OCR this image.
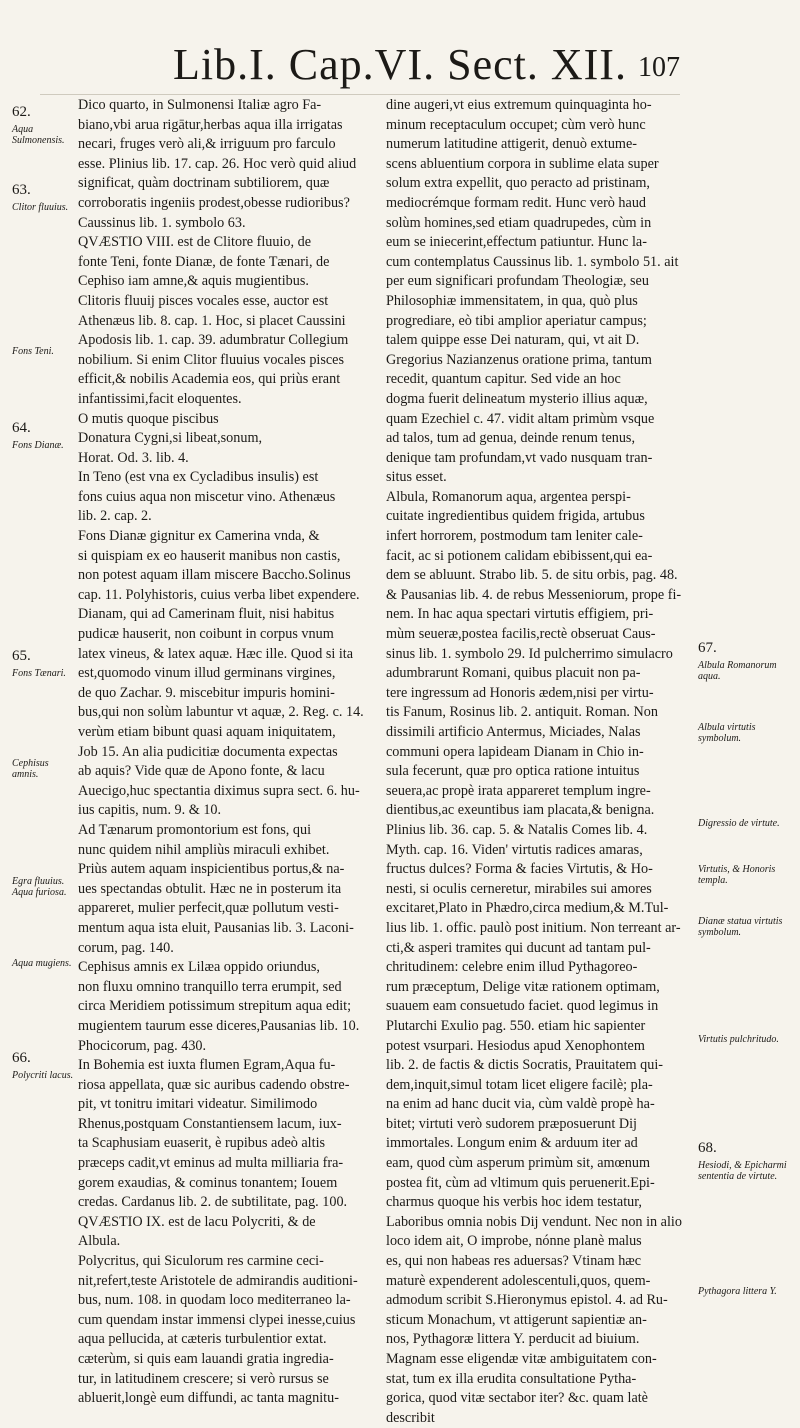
Lib.I. Cap.VI. Sect. XII. 107
Dico quarto, in Sulmonensi Italiæ agro Fa-
biano,vbi arua rigātur,herbas aqua illa irrigatas
necari, fruges verò ali,& irriguum pro farculo
esse. Plinius lib. 17. cap. 26. Hoc verò quid aliud
significat, quàm doctrinam subtiliorem, quæ
corroboratis ingeniis prodest,obesse rudioribus?
Caussinus lib. 1. symbolo 63.
QVÆSTIO VIII. est de Clitore fluuio, de
fonte Teni, fonte Dianæ, de fonte Tænari, de
Cephiso iam amne,& aquis mugientibus.
Clitoris fluuij pisces vocales esse, auctor est
Athenæus lib. 8. cap. 1. Hoc, si placet Caussini
Apodosis lib. 1. cap. 39. adumbratur Collegium
nobilium. Si enim Clitor fluuius vocales pisces
efficit,& nobilis Academia eos, qui priùs erant
infantissimi,facit eloquentes.
O mutis quoque piscibus
Donatura Cygni,si libeat,sonum,
Horat. Od. 3. lib. 4.
In Teno (est vna ex Cycladibus insulis) est
fons cuius aqua non miscetur vino. Athenæus
lib. 2. cap. 2.
Fons Dianæ gignitur ex Camerina vnda, &
si quispiam ex eo hauserit manibus non castis,
non potest aquam illam miscere Baccho.Solinus
cap. 11. Polyhistoris, cuius verba libet expendere.
Dianam, qui ad Camerinam fluit, nisi habitus
pudicæ hauserit, non coibunt in corpus vnum
latex vineus, & latex aquæ. Hæc ille. Quod si ita
est,quomodo vinum illud germinans virgines,
de quo Zachar. 9. miscebitur impuris homini-
bus,qui non solùm labuntur vt aquæ, 2. Reg. c. 14.
verùm etiam bibunt quasi aquam iniquitatem,
Job 15. An alia pudicitiæ documenta expectas
ab aquis? Vide quæ de Apono fonte, & lacu
Auecigo,huc spectantia diximus supra sect. 6. hu-
ius capitis, num. 9. & 10.
Ad Tænarum promontorium est fons, qui
nunc quidem nihil ampliùs miraculi exhibet.
Priùs autem aquam inspicientibus portus,& na-
ues spectandas obtulit. Hæc ne in posterum ita
appareret, mulier perfecit,quæ pollutum vesti-
mentum aqua ista eluit, Pausanias lib. 3. Laconi-
corum, pag. 140.
Cephisus amnis ex Lilæa oppido oriundus,
non fluxu omnino tranquillo terra erumpit, sed
circa Meridiem potissimum strepitum aqua edit;
mugientem taurum esse diceres,Pausanias lib. 10.
Phocicorum, pag. 430.
In Bohemia est iuxta flumen Egram,Aqua fu-
riosa appellata, quæ sic auribus cadendo obstre-
pit, vt tonitru imitari videatur. Similimodo
Rhenus,postquam Constantiensem lacum, iux-
ta Scaphusiam euaserit, è rupibus adeò altis
præceps cadit,vt eminus ad multa milliaria fra-
gorem exaudias, & cominus tonantem; Iouem
credas. Cardanus lib. 2. de subtilitate, pag. 100.
QVÆSTIO IX. est de lacu Polycriti, & de
Albula.
Polycritus, qui Siculorum res carmine ceci-
nit,refert,teste Aristotele de admirandis auditioni-
bus, num. 108. in quodam loco mediterraneo la-
cum quendam instar immensi clypei inesse,cuius
aqua pellucida, at cæteris turbulentior extat.
cæterùm, si quis eam lauandi gratia ingredia-
tur, in latitudinem crescere; si verò rursus se
abluerit,longè eum diffundi, ac tanta magnitu-
dine augeri,vt eius extremum quinquaginta ho-
minum receptaculum occupet; cùm verò hunc
numerum latitudine attigerit, denuò extume-
scens abluentium corpora in sublime elata super
solum extra expellit, quo peracto ad pristinam,
mediocrémque formam redit. Hunc verò haud
solùm homines,sed etiam quadrupedes, cùm in
eum se iniecerint,effectum patiuntur. Hunc la-
cum contemplatus Caussinus lib. 1. symbolo 51. ait
per eum significari profundam Theologiæ, seu
Philosophiæ immensitatem, in qua, quò plus
progrediare, eò tibi amplior aperiatur campus;
talem quippe esse Dei naturam, qui, vt ait D.
Gregorius Nazianzenus oratione prima, tantum
recedit, quantum capitur. Sed vide an hoc
dogma fuerit delineatum mysterio illius aquæ,
quam Ezechiel c. 47. vidit altam primùm vsque
ad talos, tum ad genua, deinde renum tenus,
denique tam profundam,vt vado nusquam tran-
situs esset.
Albula, Romanorum aqua, argentea perspi-
cuitate ingredientibus quidem frigida, artubus
infert horrorem, postmodum tam leniter cale-
facit, ac si potionem calidam ebibissent,qui ea-
dem se abluunt. Strabo lib. 5. de situ orbis, pag. 48.
& Pausanias lib. 4. de rebus Messeniorum, prope fi-
nem. In hac aqua spectari virtutis effigiem, pri-
mùm seueræ,postea facilis,rectè obseruat Caus-
sinus lib. 1. symbolo 29. Id pulcherrimo simulacro
adumbrarunt Romani, quibus placuit non pa-
tere ingressum ad Honoris ædem,nisi per virtu-
tis Fanum, Rosinus lib. 2. antiquit. Roman. Non
dissimili artificio Antermus, Miciades, Nalas
communi opera lapideam Dianam in Chio in-
sula fecerunt, quæ pro optica ratione intuitus
seuera,ac propè irata appareret templum ingre-
dientibus,ac exeuntibus iam placata,& benigna.
Plinius lib. 36. cap. 5. & Natalis Comes lib. 4.
Myth. cap. 16. Viden' virtutis radices amaras,
fructus dulces? Forma & facies Virtutis, & Ho-
nesti, si oculis cerneretur, mirabiles sui amores
excitaret,Plato in Phædro,circa medium,& M.Tul-
lius lib. 1. offic. paulò post initium. Non terreant ar-
cti,& asperi tramites qui ducunt ad tantam pul-
chritudinem: celebre enim illud Pythagoreo-
rum præceptum, Delige vitæ rationem optimam,
suauem eam consuetudo faciet. quod legimus in
Plutarchi Exulio pag. 550. etiam hic sapienter
potest vsurpari. Hesiodus apud Xenophontem
lib. 2. de factis & dictis Socratis, Prauitatem qui-
dem,inquit,simul totam licet eligere facilè; pla-
na enim ad hanc ducit via, cùm valdè propè ha-
bitet; virtuti verò sudorem præposuerunt Dij
immortales. Longum enim & arduum iter ad
eam, quod cùm asperum primùm sit, amœnum
postea fit, cùm ad vltimum quis peruenerit.Epi-
charmus quoque his verbis hoc idem testatur,
Laboribus omnia nobis Dij vendunt. Nec non in alio
loco idem ait, O improbe, nónne planè malus
es, qui non habeas res aduersas? Vtinam hæc
maturè expenderent adolescentuli,quos, quem-
admodum scribit S.Hieronymus epistol. 4. ad Ru-
sticum Monachum, vt attigerunt sapientiæ an-
nos, Pythagoræ littera Y. perducit ad biuium.
Magnam esse eligendæ vitæ ambiguitatem con-
stat, tum ex illa erudita consultatione Pytha-
gorica, quod vitæ sectabor iter? &c. quam latè
describit
62.
Aqua Sulmonensis.
63.
Clitor fluuius.
Fons Teni.
64.
Fons Dianæ.
65.
Fons Tænari.
Cephisus amnis.
Egra fluuius. Aqua furiosa.
Aqua mugiens.
66.
Polycriti lacus.
67.
Albula Romanorum aqua.
Albula virtutis symbolum.
Digressio de virtute.
Virtutis, & Honoris templa.
Dianæ statua virtutis symbolum.
Virtutis pulchritudo.
68.
Hesiodi, & Epicharmi sententia de virtute.
Pythagora littera Y.
